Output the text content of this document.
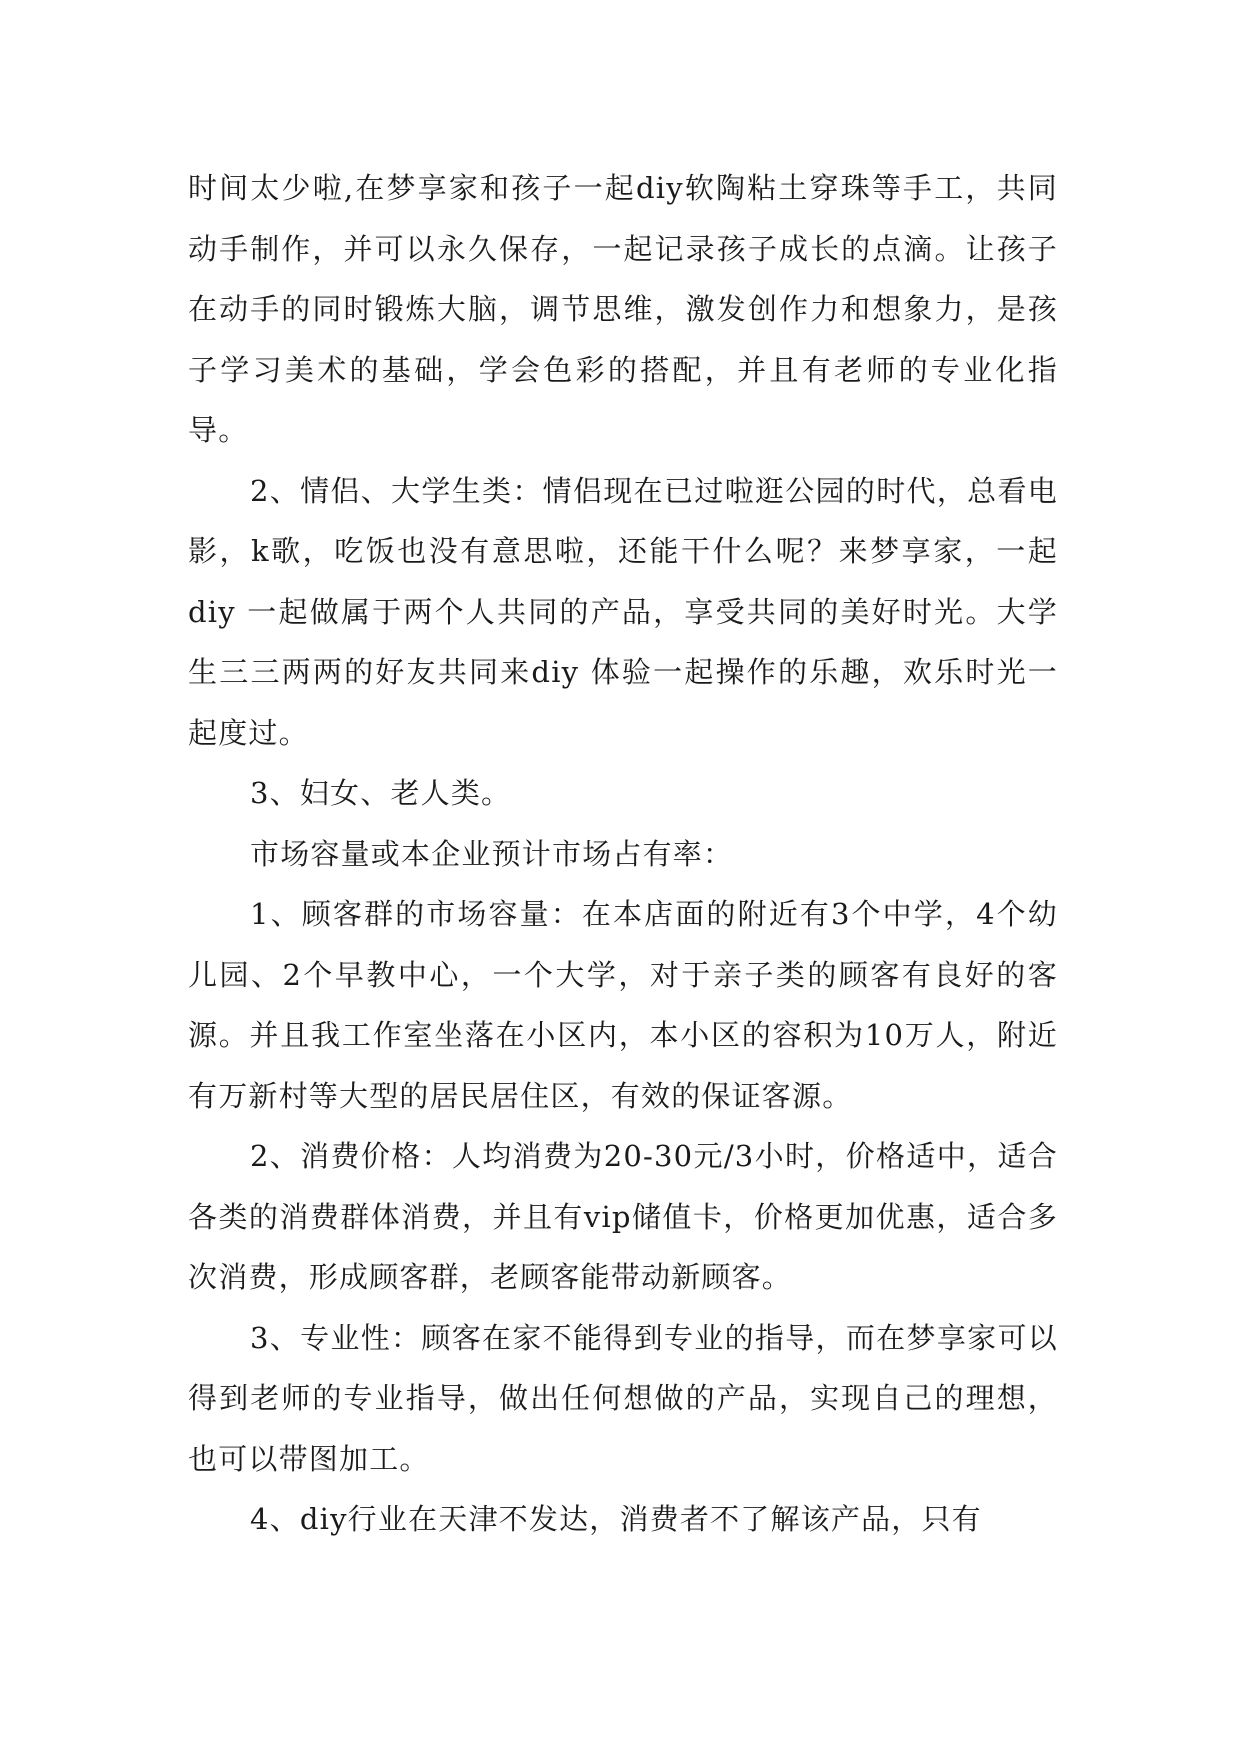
时间太少啦,在梦享家和孩子一起diy软陶粘土穿珠等手工，共同动手制作，并可以永久保存，一起记录孩子成长的点滴。让孩子在动手的同时锻炼大脑，调节思维，激发创作力和想象力，是孩子学习美术的基础，学会色彩的搭配，并且有老师的专业化指导。

2、情侣、大学生类：情侣现在已过啦逛公园的时代，总看电影，k歌，吃饭也没有意思啦，还能干什么呢？来梦享家，一起diy 一起做属于两个人共同的产品，享受共同的美好时光。大学生三三两两的好友共同来diy 体验一起操作的乐趣，欢乐时光一起度过。

3、妇女、老人类。

市场容量或本企业预计市场占有率：

1、顾客群的市场容量：在本店面的附近有3个中学，4个幼儿园、2个早教中心，一个大学，对于亲子类的顾客有良好的客源。并且我工作室坐落在小区内，本小区的容积为10万人，附近有万新村等大型的居民居住区，有效的保证客源。

2、消费价格：人均消费为20-30元/3小时，价格适中，适合各类的消费群体消费，并且有vip储值卡，价格更加优惠，适合多次消费，形成顾客群，老顾客能带动新顾客。

3、专业性：顾客在家不能得到专业的指导，而在梦享家可以得到老师的专业指导，做出任何想做的产品，实现自己的理想，也可以带图加工。

4、diy行业在天津不发达，消费者不了解该产品，只有
